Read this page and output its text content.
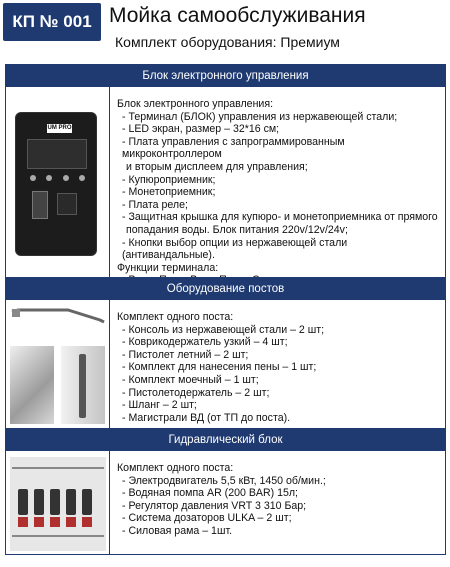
КП № 001 Мойка самообслуживания
Комплект оборудования: Премиум
Блок электронного управления
UM PRO
Блок электронного управления:
- Терминал (БЛОК) управления из нержавеющей стали;
- LED экран, размер – 32*16 см;
- Плата управления с запрограммированным микроконтроллером
и вторым дисплеем для управления;
- Купюроприемник;
- Монетоприемник;
- Плата реле;
- Защитная крышка для купюро- и монетоприемника от прямого
попадания воды. Блок питания 220v/12v/24v;
- Кнопки выбор опции из нержавеющей стали (антивандальные).
Функции терминала:
Оборудование постов
Комплект одного поста:
- Консоль из нержавеющей стали – 2 шт;
- Коврикодержатель узкий – 4 шт;
- Пистолет летний – 2 шт;
- Комплект для нанесения пены – 1 шт;
- Комплект моечный – 1 шт;
- Пистолетодержатель – 2 шт;
- Шланг – 2 шт;
- Магистрали ВД (от ТП до поста).
Гидравлический блок
Комплект одного поста:
- Электродвигатель 5,5 кВт, 1450 об/мин.;
- Водяная помпа AR (200 BAR) 15л;
- Регулятор давления VRT 3 310 Бар;
- Система дозаторов ULKA – 2 шт;
- Силовая рама – 1шт.
